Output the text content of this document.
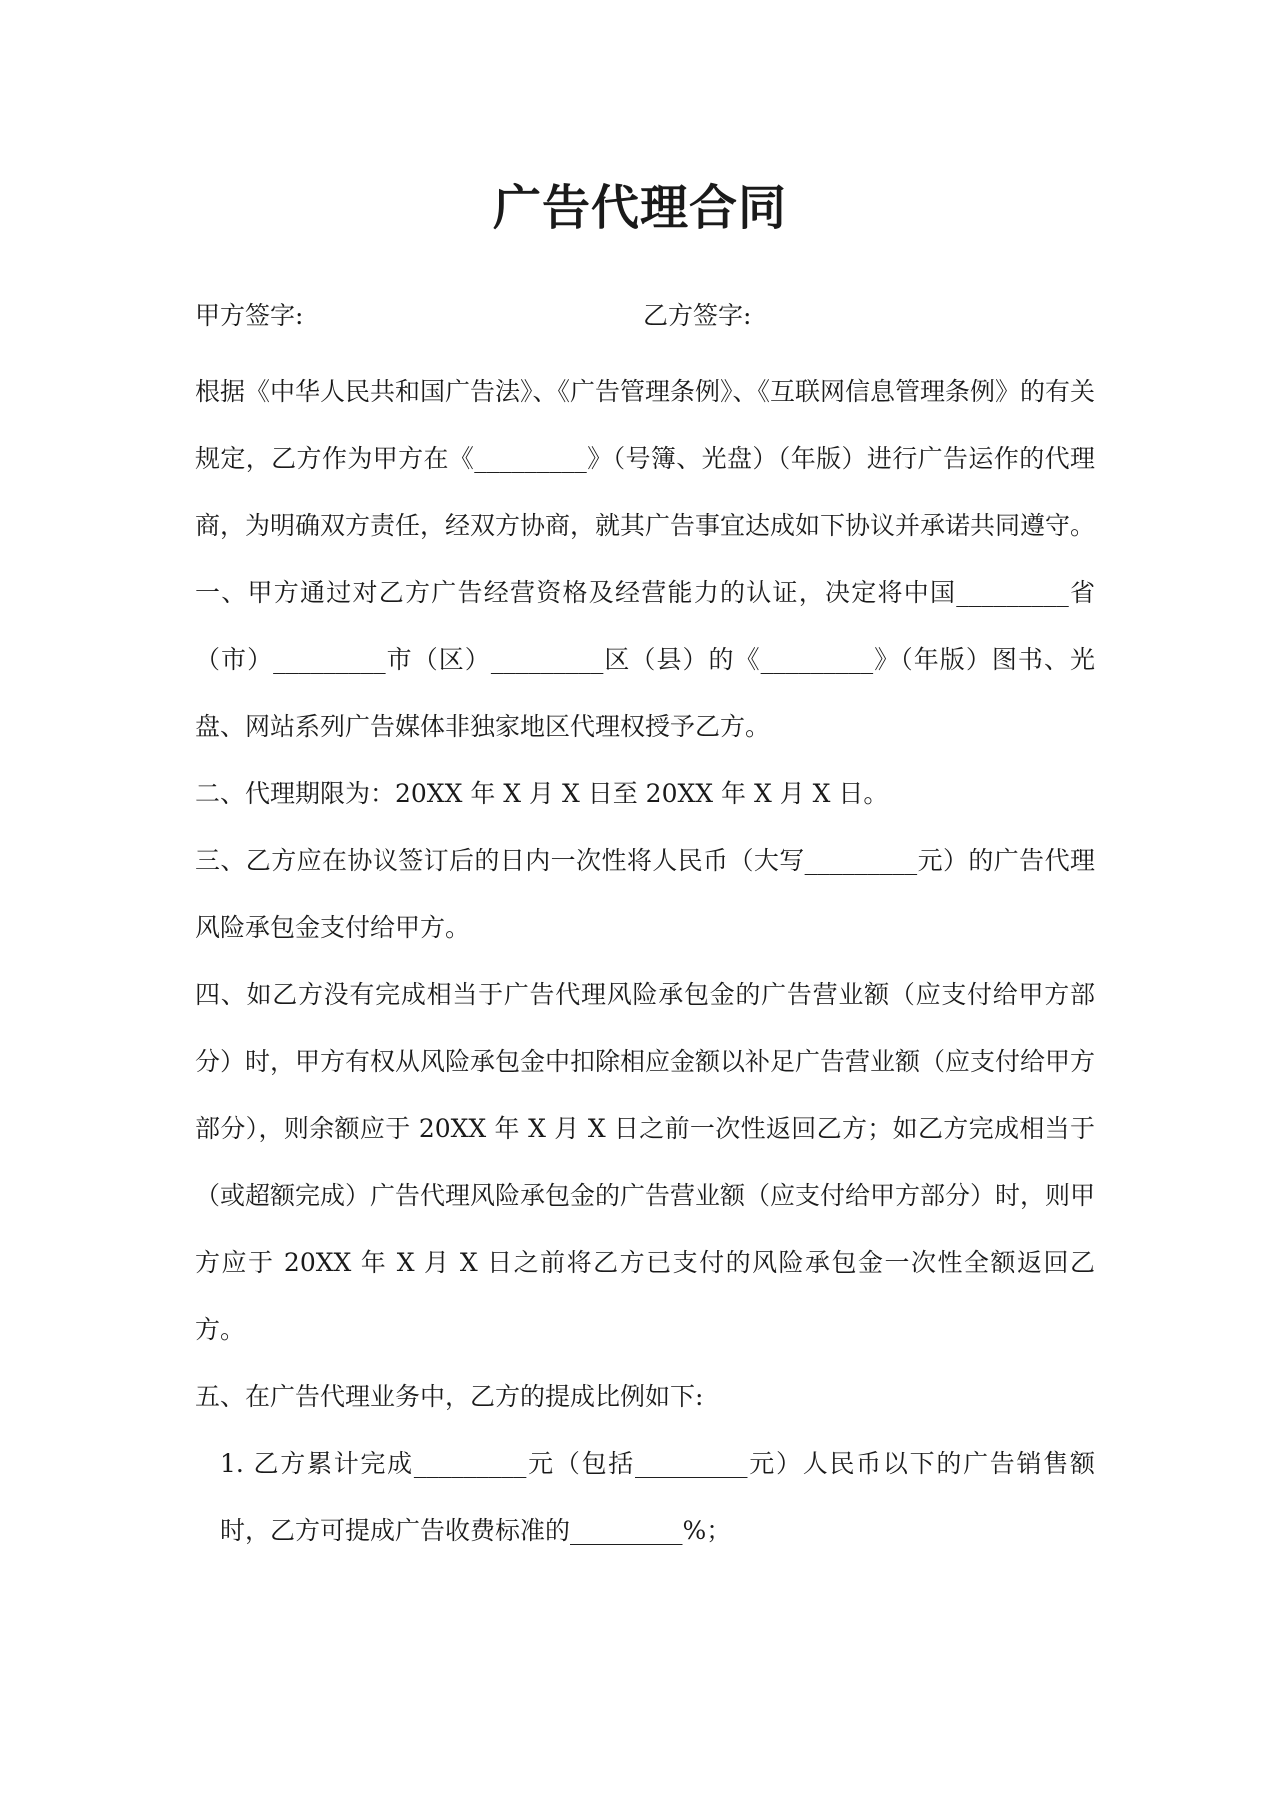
广告代理合同
甲方签字:	乙方签字:

根据《中华人民共和国广告法》、《广告管理条例》、《互联网信息管理条例》的有关规定，乙方作为甲方在《_________》（号簿、光盘）（年版）进行广告运作的代理商，为明确双方责任，经双方协商，就其广告事宜达成如下协议并承诺共同遵守。

一、甲方通过对乙方广告经营资格及经营能力的认证，决定将中国_________省（市）_________市（区）_________区（县）的《_________》（年版）图书、光盘、网站系列广告媒体非独家地区代理权授予乙方。

二、代理期限为：20XX 年 X 月 X 日至 20XX 年 X 月 X 日。

三、乙方应在协议签订后的日内一次性将人民币（大写_________元）的广告代理风险承包金支付给甲方。

四、如乙方没有完成相当于广告代理风险承包金的广告营业额（应支付给甲方部分）时，甲方有权从风险承包金中扣除相应金额以补足广告营业额（应支付给甲方部分），则余额应于 20XX 年 X 月 X 日之前一次性返回乙方；如乙方完成相当于（或超额完成）广告代理风险承包金的广告营业额（应支付给甲方部分）时，则甲方应于 20XX 年 X 月 X 日之前将乙方已支付的风险承包金一次性全额返回乙方。

五、在广告代理业务中，乙方的提成比例如下:

1. 乙方累计完成_________元（包括_________元）人民币以下的广告销售额时，乙方可提成广告收费标准的_________%；
